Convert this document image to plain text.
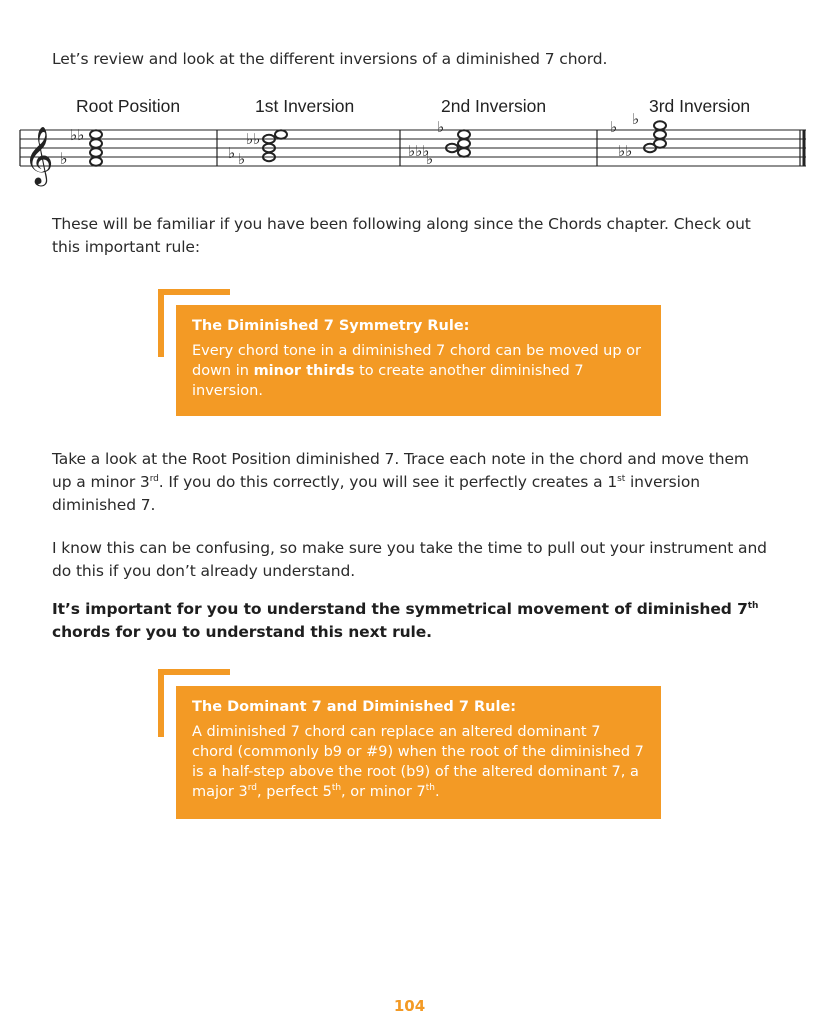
Let’s review and look at the different inversions of a diminished 7 chord.

Root Position	1st Inversion	2nd Inversion	3rd Inversion
𝄞 ♭
♭♭
♭ ♭
♭♭
♭♭♭
♭
♭	♭
♭♭
♭

These will be familiar if you have been following along since the Chords chapter. Check out this important rule:

The Diminished 7 Symmetry Rule:
Every chord tone in a diminished 7 chord can be moved up or down in minor thirds to create another diminished 7 inversion.

Take a look at the Root Position diminished 7. Trace each note in the chord and move them up a minor 3rd. If you do this correctly, you will see it perfectly creates a 1st inversion diminished 7.

I know this can be confusing, so make sure you take the time to pull out your instrument and do this if you don’t already understand.

It’s important for you to understand the symmetrical movement of diminished 7th chords for you to understand this next rule.

The Dominant 7 and Diminished 7 Rule:
A diminished 7 chord can replace an altered dominant 7 chord (commonly b9 or #9) when the root of the diminished 7 is a half-step above the root (b9) of the altered dominant 7, a major 3rd, perfect 5th, or minor 7th.
104
